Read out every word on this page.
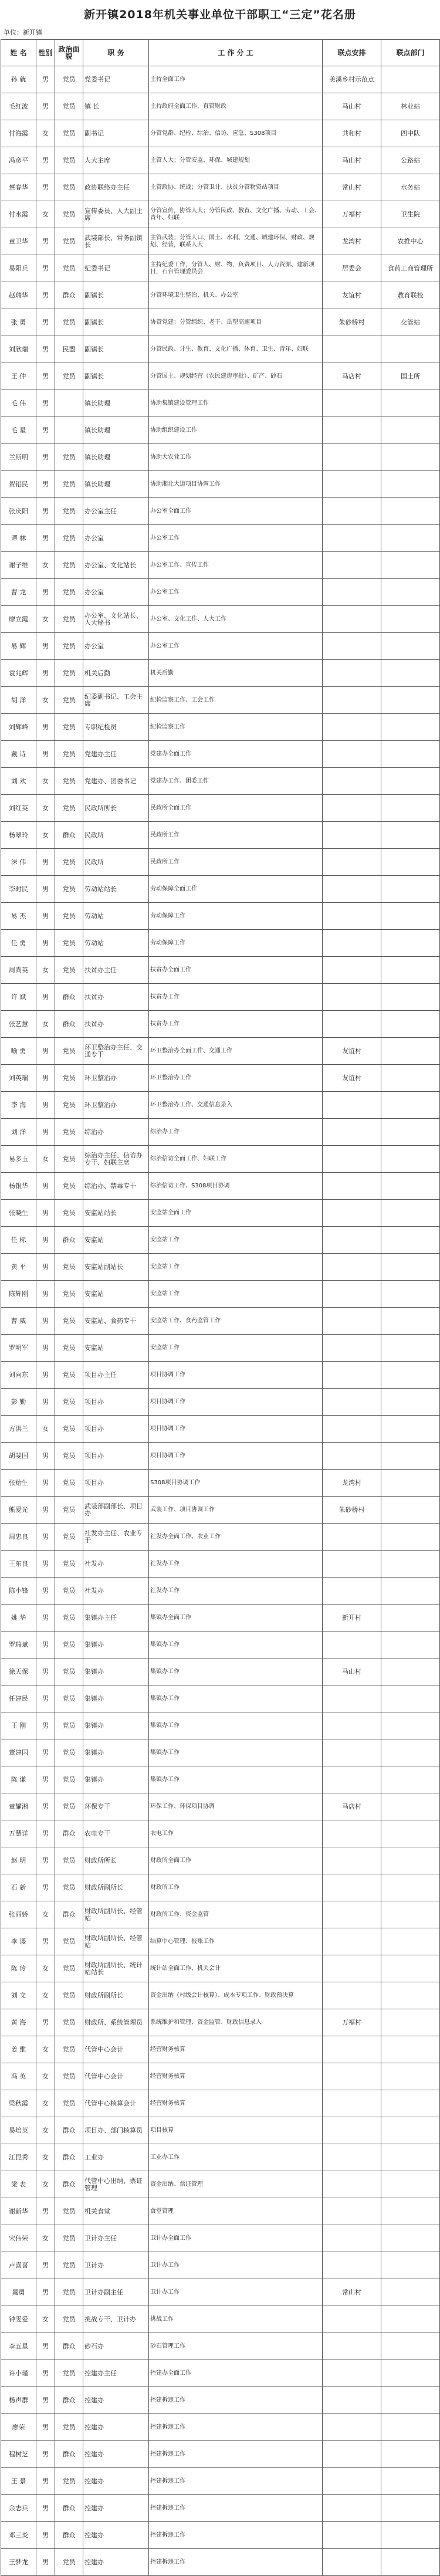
新开镇2018年机关事业单位干部职工“三定”花名册
单位：新开镇
姓 名	性别	政治面貌	职 务	工 作 分 工	联点安排	联点部门
孙 就	男	党员	党委书记	主持全面工作	美溪乡村示范点	
毛红波	男	党员	镇 长	主持政府全面工作，直管财政	马山村	林业站
付海霞	女	党员	副书记	分管党群、纪检、综治、信访、应急、S308项目	共和村	四中队
冯彦平	男	党员	人大主席	主管人大；分管安监、环保、城建规划	马山村	公路站
蔡春华	男	党员	政协联络办主任	主管政协、统战；分管卫计、扶贫分管物资站项目	常山村	水务站
付水霞	女	党员	宣传委员、人大副主席	分管宣传，协管人大；分管民政、教育、文化广播、劳动、工会、青年、妇联	万福村	卫生院
童卫华	男	党员	武装部长、常务副镇长	主管武装；分管人口、国土、水利、交通、城建环保、财政、规划、经营，联系人大	龙湾村	农推中心
易阳兵	男	党员	纪委书记	主持纪委工作，分管人、财、物，负责项目、人力资源、建新项目，石台管理委员会	居委会	食药工商管理所
赵瑞华	男	群众	副镇长	分管环境卫生整治、机关、办公室	友谊村	教育联校
张 勇	男	党员	副镇长	协管党建；分管组织、老干、岳塑高速项目	朱砂桥村	交管站
刘欣瑞	男	民盟	副镇长	分管民政、计生、教育、文化广播、体育、卫生、青年、妇联		
王 仲	男	党员	副镇长	分管国土、规划经营（农民建房审批）、矿产、砂石	马店村	国土所
毛 伟	男		镇长助理	协助集镇建设管理工作		
毛 星	男		镇长助理	协助组织建设工作		
兰斯明	男	党员	镇长助理	协助大农业工作		
贺铝民	男	党员	镇长助理	协助湘北大道项目协调工作		
张庆阳	男	党员	办公室主任	办公室全面工作		
谭 林	男	党员	办公室	办公室工作		
谢子维	女	党员	办公室、文化站长	办公室工作、宣传工作		
曹 龙	男	党员	办公室	办公室工作		
廖立霞	女	党员	办公室、文化站长、人大秘书	办公室、文化工作、人大工作		
易 辉	男	党员	办公室	办公室工作		
袁兆辉	男	党员	机关后勤	机关后勤		
胡 洋	女	党员	纪委副书记、工会主席	纪检监察工作、工会工作		
刘辉峰	男	党员	专职纪检员	纪检监察工作		
戴 诗	男	党员	党建办主任	党建办全面工作		
刘 欢	女	党员	党建办、团委书记	党建办工作、团委工作		
刘红英	女	党员	民政所所长	民政所全面工作		
杨翠玲	女	群众	民政所	民政所工作		
沫 伟	男	党员	民政所	民政所工作		
李时民	男	党员	劳动站站长	劳动保障全面工作		
易 杰	男	党员	劳动站	劳动保障工作		
任 勇	男	党员	劳动站	劳动保障工作		
周尚英	女	党员	扶贫办主任	扶贫办全面工作		
许 斌	男	群众	扶贫办	扶贫办工作		
张艺慧	女	群众	扶贫办	扶贫办工作		
喻 勇	男	党员	环卫整治办主任、交通专干	环卫整治办全面工作、交通工作	友谊村	
刘英瑞	男	党员	环卫整治办	环卫整治办工作	友谊村	
李 海	男	党员	环卫整治办	环卫整治办工作、交通信息录入		
刘 洋	男	党员	综治办	综治办工作		
易多玉	女	党员	综治办主任、信访办专干、妇联主席	综治信访全面工作、妇联工作		
杨银华	男	党员	综治办、禁毒专干	综治信访工作、S308项目协调		
张晓生	男	党员	安监站站长	安监站全面工作		
任 标	男	群众	安监站	安监站工作		
黄 平	男	党员	安监站副站长	安监站工作		
陈辉刚	男	党员	安监站	安监站工作		
曹 威	男	党员	安监站、食药专干	安监站工作、食药监管工作		
罗明军	男	党员	安监站	安监站工作		
刘向东	男	党员	项目办主任	项目协调工作		
彭 勤	男	党员	项目办	项目协调工作		
方洪兰	女	党员	项目办	项目协调工作		
胡斐国	男	党员	项目办	项目协调工作		
张贻生	男	党员	项目办	S308项目协调工作	龙湾村	
熊爱光	男	党员	武装部副部长、项目办	武装工作、项目协调工作	朱砂桥村	
周忠良	男	党员	社发办主任、农业专干	社发办全面工作、农业工作		
王东良	男	党员	社发办	社发办工作		
陈小锋	男	党员	社发办	社发办工作		
姚 华	男	党员	集镇办主任	集镇办全面工作	新开村	
罗瑞斌	男	党员	集镇办	集镇办工作		
徐天保	男	党员	集镇办	集镇办工作	马山村	
任建民	男	党员	集镇办	集镇办工作		
王 刚	男	党员	集镇办	集镇办工作		
董建国	男	党员	集镇办	集镇办工作		
陈 谦	男	党员	集镇办	集镇办工作		
童耀湘	男	党员	环保专干	环保工作、环保项目协调	马店村	
万慧详	男	群众	农电专干	农电工作		
赵 明	男	党员	财政所所长	财政所全面工作		
石 新	男	党员	财政所副所长	财政所工作		
张丽娇	女	群众	财政所副所长、经管站	财政所工作、资金监管		
李 谡	男	党员	财政所副所长、经管站	结算中心管理、报账工作		
陈 玲	女	党员	财政所副所长、统计站站长	统计站全面工作、机关会计		
刘 文	女	党员	财政所副所长	资金出纳（村级会计核算）、成本专项工作、财政预决算		
黄 海	男	党员	财政所、系统管理员	系统维护和管理、资金监管、财政信息录入	万福村	
姜 维	女	党员	代管中心会计	经营财务核算		
冯 英	女	党员	代管中心会计	经营财务核算		
梁秋霞	女	党员	代管中心核算会计	经营财务核算		
易培英	女	群众	项目办、部门核算员	项目核算		
江昆秀	女	群众	工业办	工业办工作		
梁 表	女	群众	代管中心出纳、票证管理	资金出纳、票证管理		
谢新华	男	党员	机关食堂	食堂管理		
宋伟荣	女	党员	卫计办主任	卫计办全面工作		
卢喜喜	男	党员	卫计办	卫计办工作		
晁勇	男	党员	卫计办副主任	卫计办工作	常山村	
钟雯爱	女	党员	挑战专干、卫计办	挑战工作		
李五星	男	群众	砂石办	砂石管理工作		
许小瑾	男	党员	控建办主任	控建办全面工作		
杨声群	男	群众	控建办	控建拆违工作		
廖荣	男	党员	控建办	控建拆违工作		
程树芝	男	群众	控建办	控建拆违工作		
王 景	男	党员	控建办	控建拆违工作		
余志兵	男	群众	控建办	控建拆违工作		
邓三炎	男	群众	控建办	控建拆违工作		
王梦龙	男	党员	控建办	控建拆违工作		
